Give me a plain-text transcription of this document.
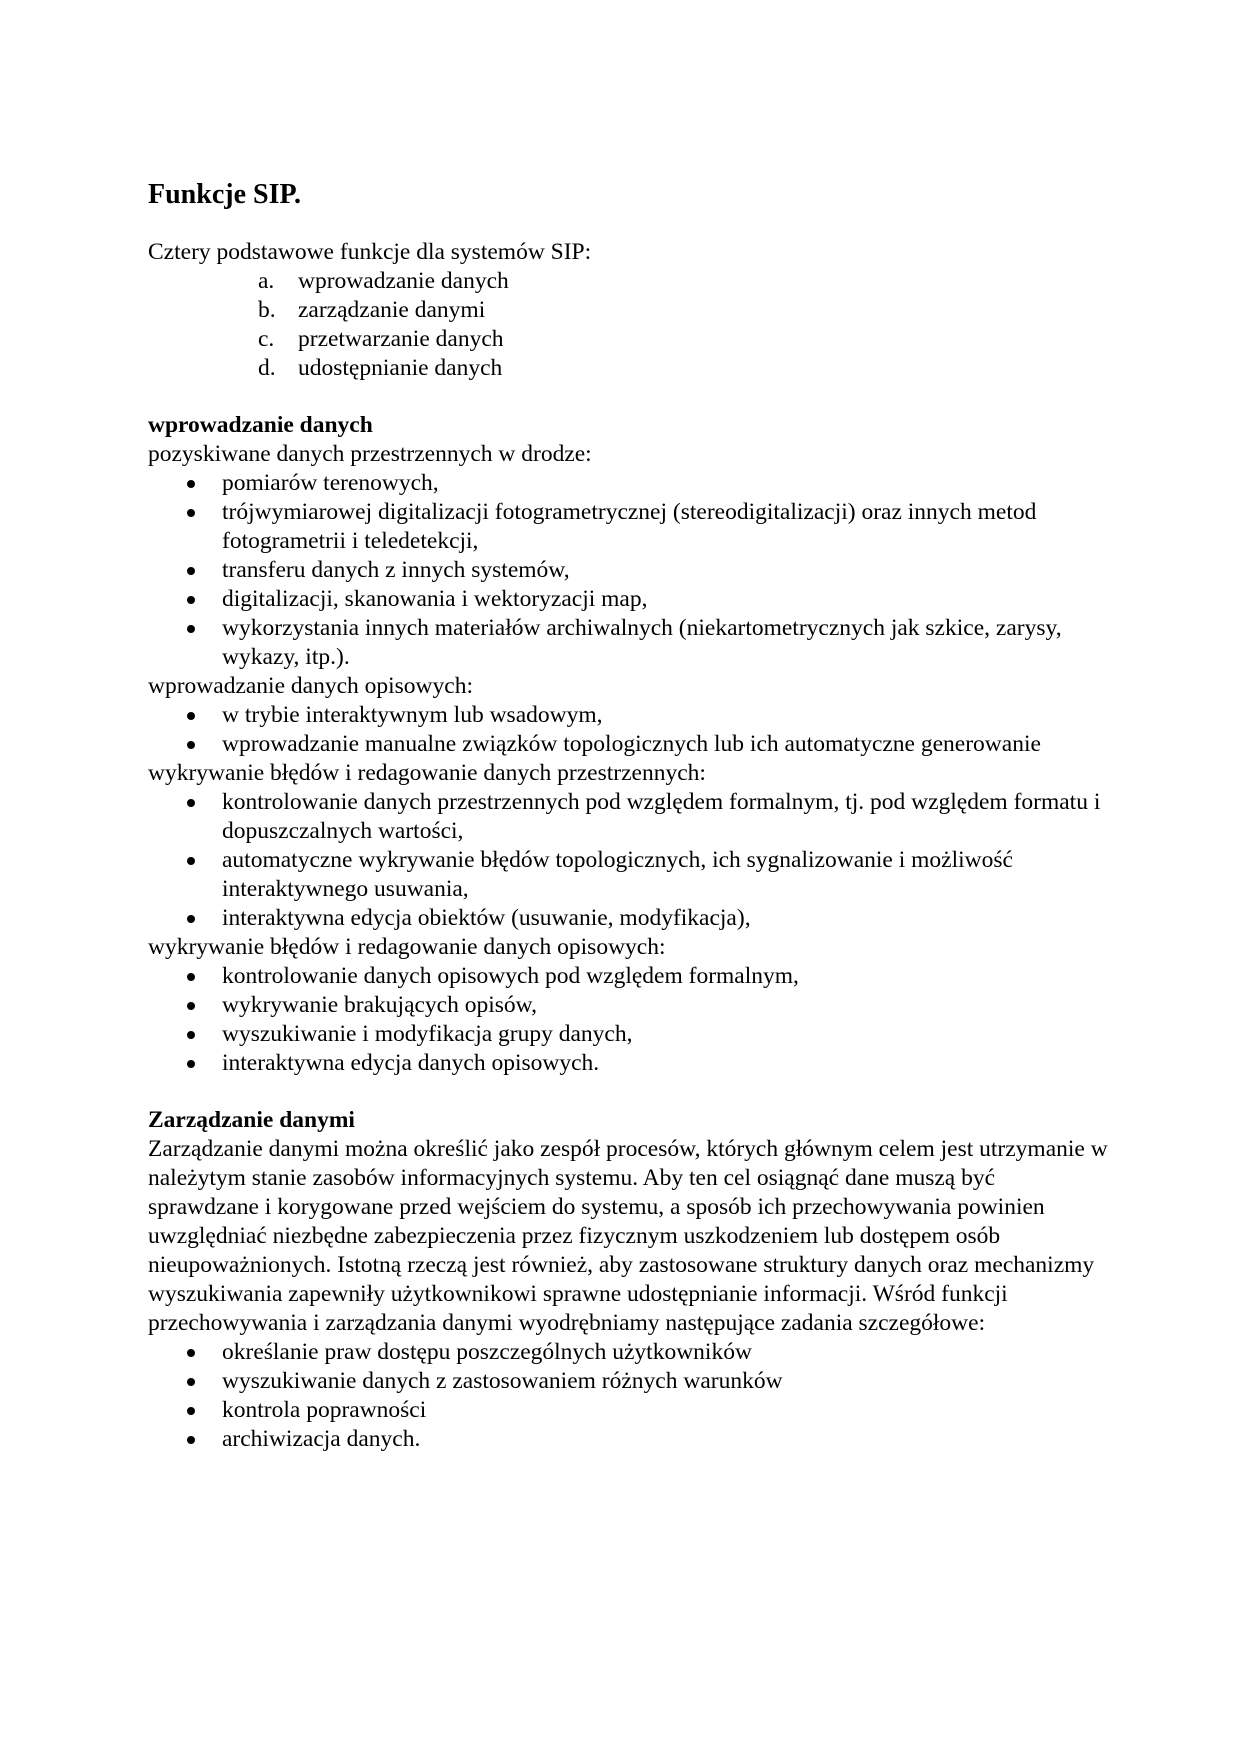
Funkcje SIP.

Cztery podstawowe funkcje dla systemów SIP:

a. wprowadzanie danych
b. zarządzanie danymi
c. przetwarzanie danych
d. udostępnianie danych

wprowadzanie danych

pozyskiwane danych przestrzennych w drodze:

pomiarów terenowych,
trójwymiarowej digitalizacji fotogrametrycznej (stereodigitalizacji) oraz innych metod fotogrametrii i teledetekcji,
transferu danych z innych systemów,
digitalizacji, skanowania i wektoryzacji map,
wykorzystania innych materiałów archiwalnych (niekartometrycznych jak szkice, zarysy, wykazy, itp.).

wprowadzanie danych opisowych:

w trybie interaktywnym lub wsadowym,
wprowadzanie manualne związków topologicznych lub ich automatyczne generowanie

wykrywanie błędów i redagowanie danych przestrzennych:

kontrolowanie danych przestrzennych pod względem formalnym, tj. pod względem formatu i dopuszczalnych wartości,
automatyczne wykrywanie błędów topologicznych, ich sygnalizowanie i możliwość interaktywnego usuwania,
interaktywna edycja obiektów (usuwanie, modyfikacja),

wykrywanie błędów i redagowanie danych opisowych:

kontrolowanie danych opisowych pod względem formalnym,
wykrywanie brakujących opisów,
wyszukiwanie i modyfikacja grupy danych,
interaktywna edycja danych opisowych.

Zarządzanie danymi

Zarządzanie danymi można określić jako zespół procesów, których głównym celem jest utrzymanie w należytym stanie zasobów informacyjnych systemu. Aby ten cel osiągnąć dane muszą być sprawdzane i korygowane przed wejściem do systemu, a sposób ich przechowywania powinien uwzględniać niezbędne zabezpieczenia przez fizycznym uszkodzeniem lub dostępem osób nieupoważnionych. Istotną rzeczą jest również, aby zastosowane struktury danych oraz mechanizmy wyszukiwania zapewniły użytkownikowi sprawne udostępnianie informacji. Wśród funkcji przechowywania i zarządzania danymi wyodrębniamy następujące zadania szczegółowe:

określanie praw dostępu poszczególnych użytkowników
wyszukiwanie danych z zastosowaniem różnych warunków
kontrola poprawności
archiwizacja danych.
